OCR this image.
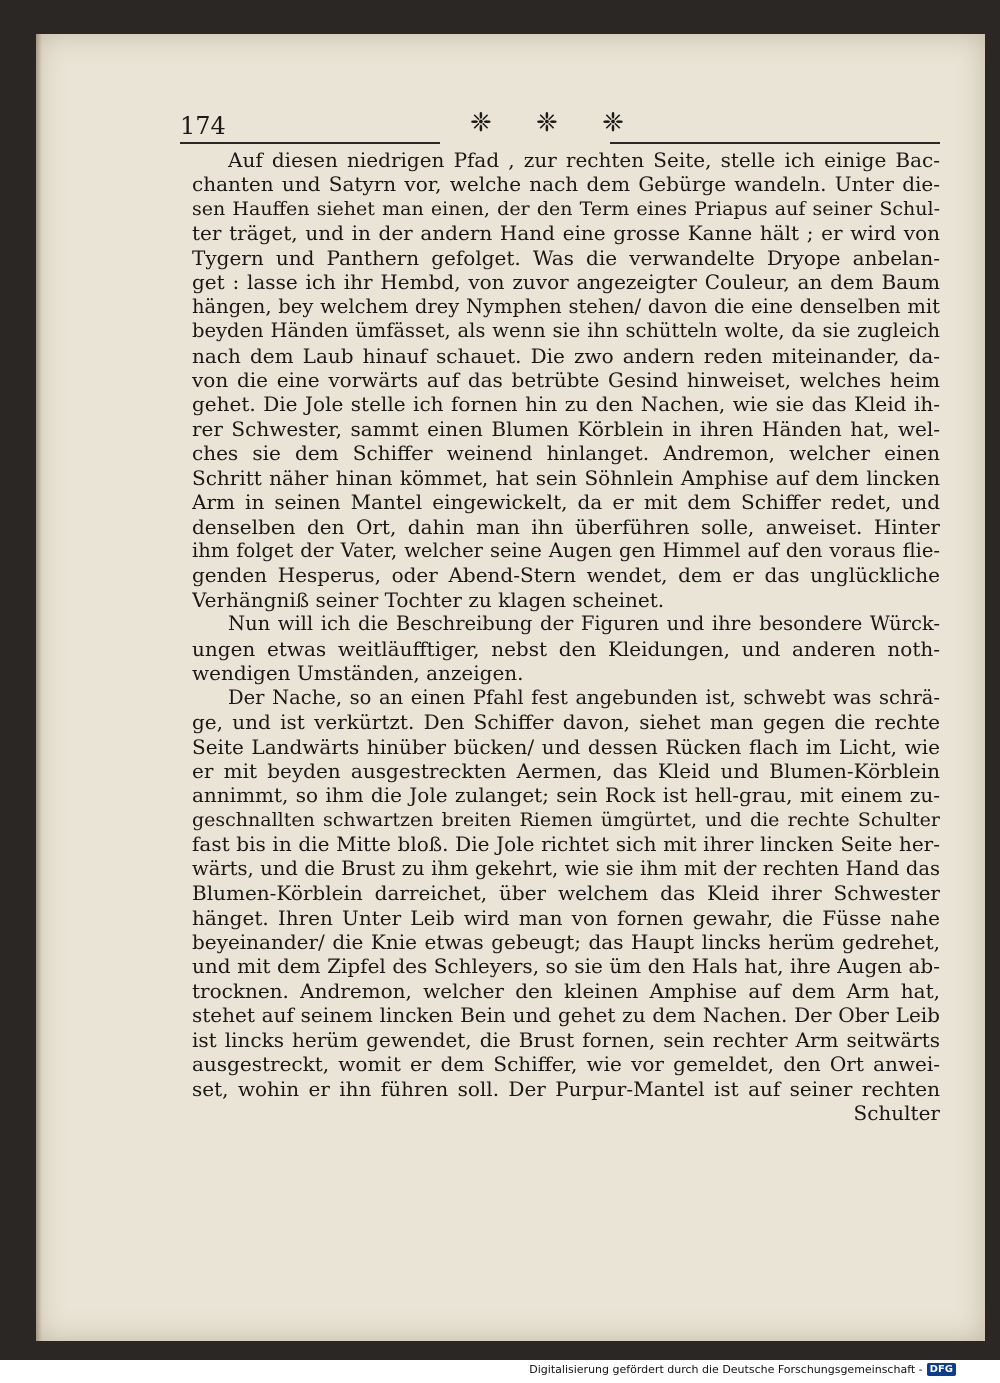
174	❈ ❈ ❈
Auf diesen niedrigen Pfad , zur rechten Seite, stelle ich einige Bac-
chanten und Satyrn vor, welche nach dem Gebürge wandeln. Unter die-
sen Hauffen siehet man einen, der den Term eines Priapus auf seiner Schul-
ter träget, und in der andern Hand eine grosse Kanne hält ; er wird von
Tygern und Panthern gefolget. Was die verwandelte Dryope anbelan-
get : lasse ich ihr Hembd, von zuvor angezeigter Couleur, an dem Baum
hängen, bey welchem drey Nymphen stehen/ davon die eine denselben mit
beyden Händen ümfässet, als wenn sie ihn schütteln wolte, da sie zugleich
nach dem Laub hinauf schauet. Die zwo andern reden miteinander, da-
von die eine vorwärts auf das betrübte Gesind hinweiset, welches heim
gehet. Die Jole stelle ich fornen hin zu den Nachen, wie sie das Kleid ih-
rer Schwester, sammt einen Blumen Körblein in ihren Händen hat, wel-
ches sie dem Schiffer weinend hinlanget. Andremon, welcher einen
Schritt näher hinan kömmet, hat sein Söhnlein Amphise auf dem lincken
Arm in seinen Mantel eingewickelt, da er mit dem Schiffer redet, und
denselben den Ort, dahin man ihn überführen solle, anweiset. Hinter
ihm folget der Vater, welcher seine Augen gen Himmel auf den voraus flie-
genden Hesperus, oder Abend-Stern wendet, dem er das unglückliche
Verhängniß seiner Tochter zu klagen scheinet.
Nun will ich die Beschreibung der Figuren und ihre besondere Würck-
ungen etwas weitläufftiger, nebst den Kleidungen, und anderen noth-
wendigen Umständen, anzeigen.
Der Nache, so an einen Pfahl fest angebunden ist, schwebt was schrä-
ge, und ist verkürtzt. Den Schiffer davon, siehet man gegen die rechte
Seite Landwärts hinüber bücken/ und dessen Rücken flach im Licht, wie
er mit beyden ausgestreckten Aermen, das Kleid und Blumen-Körblein
annimmt, so ihm die Jole zulanget; sein Rock ist hell-grau, mit einem zu-
geschnallten schwartzen breiten Riemen ümgürtet, und die rechte Schulter
fast bis in die Mitte bloß. Die Jole richtet sich mit ihrer lincken Seite her-
wärts, und die Brust zu ihm gekehrt, wie sie ihm mit der rechten Hand das
Blumen-Körblein darreichet, über welchem das Kleid ihrer Schwester
hänget. Ihren Unter Leib wird man von fornen gewahr, die Füsse nahe
beyeinander/ die Knie etwas gebeugt; das Haupt lincks herüm gedrehet,
und mit dem Zipfel des Schleyers, so sie üm den Hals hat, ihre Augen ab-
trocknen. Andremon, welcher den kleinen Amphise auf dem Arm hat,
stehet auf seinem lincken Bein und gehet zu dem Nachen. Der Ober Leib
ist lincks herüm gewendet, die Brust fornen, sein rechter Arm seitwärts
ausgestreckt, womit er dem Schiffer, wie vor gemeldet, den Ort anwei-
set, wohin er ihn führen soll. Der Purpur-Mantel ist auf seiner rechten
Schulter
Digitalisierung gefördert durch die Deutsche Forschungsgemeinschaft - DFG
